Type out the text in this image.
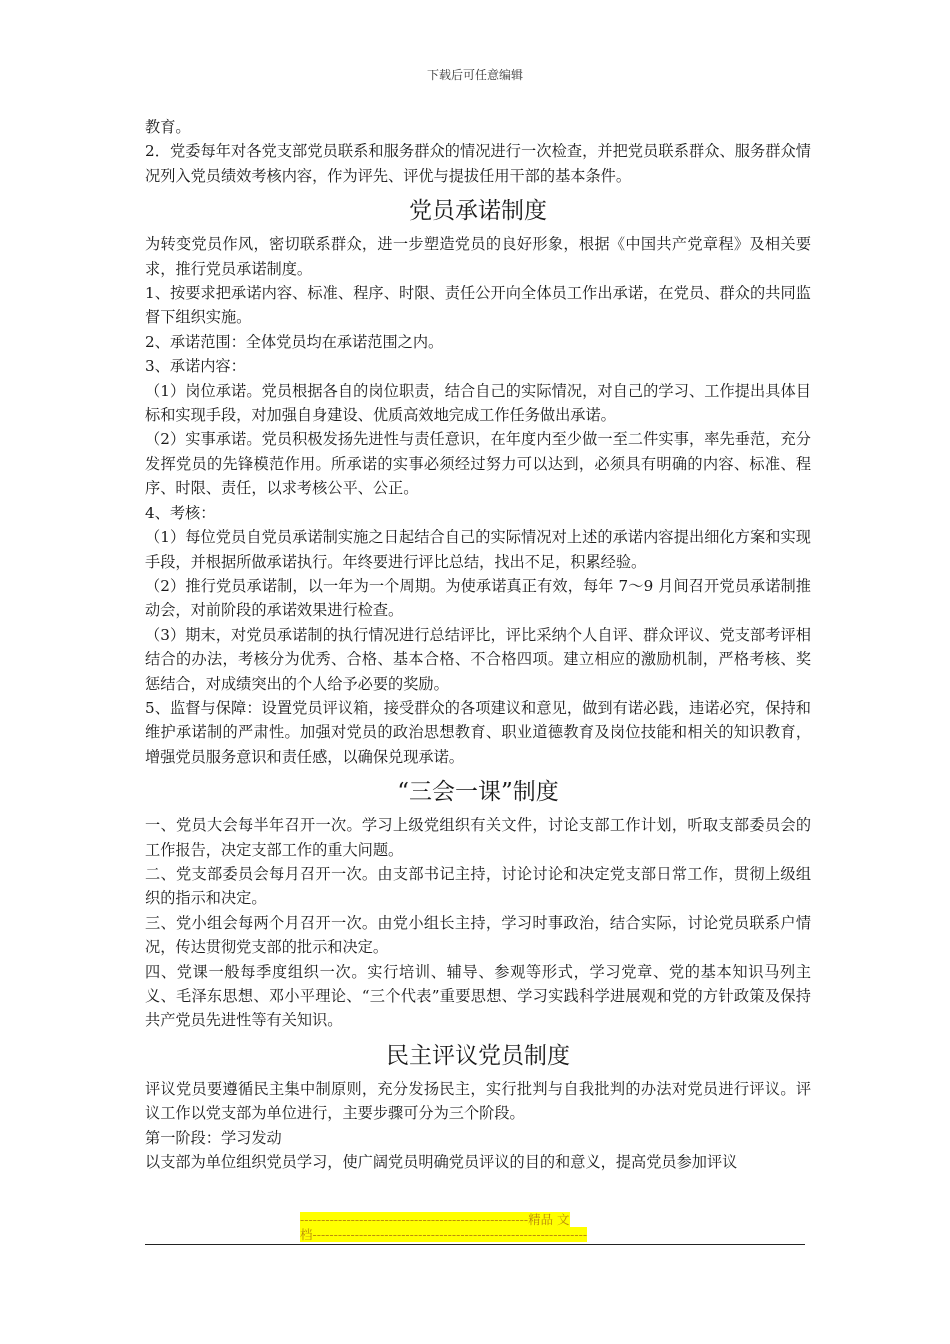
下载后可任意编辑

教育。

2．党委每年对各党支部党员联系和服务群众的情况进行一次检查，并把党员联系群众、服务群众情况列入党员绩效考核内容，作为评先、评优与提拔任用干部的基本条件。

党员承诺制度

为转变党员作风，密切联系群众，进一步塑造党员的良好形象，根据《中国共产党章程》及相关要求，推行党员承诺制度。

1、按要求把承诺内容、标准、程序、时限、责任公开向全体员工作出承诺，在党员、群众的共同监督下组织实施。

2、承诺范围：全体党员均在承诺范围之内。

3、承诺内容：

（1）岗位承诺。党员根据各自的岗位职责，结合自己的实际情况，对自己的学习、工作提出具体目标和实现手段，对加强自身建设、优质高效地完成工作任务做出承诺。

（2）实事承诺。党员积极发扬先进性与责任意识，在年度内至少做一至二件实事，率先垂范，充分发挥党员的先锋模范作用。所承诺的实事必须经过努力可以达到，必须具有明确的内容、标准、程序、时限、责任，以求考核公平、公正。

4、考核：

（1）每位党员自党员承诺制实施之日起结合自己的实际情况对上述的承诺内容提出细化方案和实现手段，并根据所做承诺执行。年终要进行评比总结，找出不足，积累经验。

（2）推行党员承诺制，以一年为一个周期。为使承诺真正有效，每年 7～9 月间召开党员承诺制推动会，对前阶段的承诺效果进行检查。

（3）期末，对党员承诺制的执行情况进行总结评比，评比采纳个人自评、群众评议、党支部考评相结合的办法，考核分为优秀、合格、基本合格、不合格四项。建立相应的激励机制，严格考核、奖惩结合，对成绩突出的个人给予必要的奖励。

5、监督与保障：设置党员评议箱，接受群众的各项建议和意见，做到有诺必践，违诺必究，保持和维护承诺制的严肃性。加强对党员的政治思想教育、职业道德教育及岗位技能和相关的知识教育，增强党员服务意识和责任感，以确保兑现承诺。

“三会一课”制度

一、党员大会每半年召开一次。学习上级党组织有关文件，讨论支部工作计划，听取支部委员会的工作报告，决定支部工作的重大问题。

二、党支部委员会每月召开一次。由支部书记主持，讨论讨论和决定党支部日常工作，贯彻上级组织的指示和决定。

三、党小组会每两个月召开一次。由党小组长主持，学习时事政治，结合实际，讨论党员联系户情况，传达贯彻党支部的批示和决定。

四、党课一般每季度组织一次。实行培训、辅导、参观等形式，学习党章、党的基本知识马列主义、毛泽东思想、邓小平理论、“三个代表”重要思想、学习实践科学进展观和党的方针政策及保持共产党员先进性等有关知识。

民主评议党员制度

评议党员要遵循民主集中制原则，充分发扬民主，实行批判与自我批判的办法对党员进行评议。评议工作以党支部为单位进行，主要步骤可分为三个阶段。

第一阶段：学习发动

以支部为单位组织党员学习，使广阔党员明确党员评议的目的和意义，提高党员参加评议

------------------------------------------------------精品 文
档-----------------------------------------------------------------
